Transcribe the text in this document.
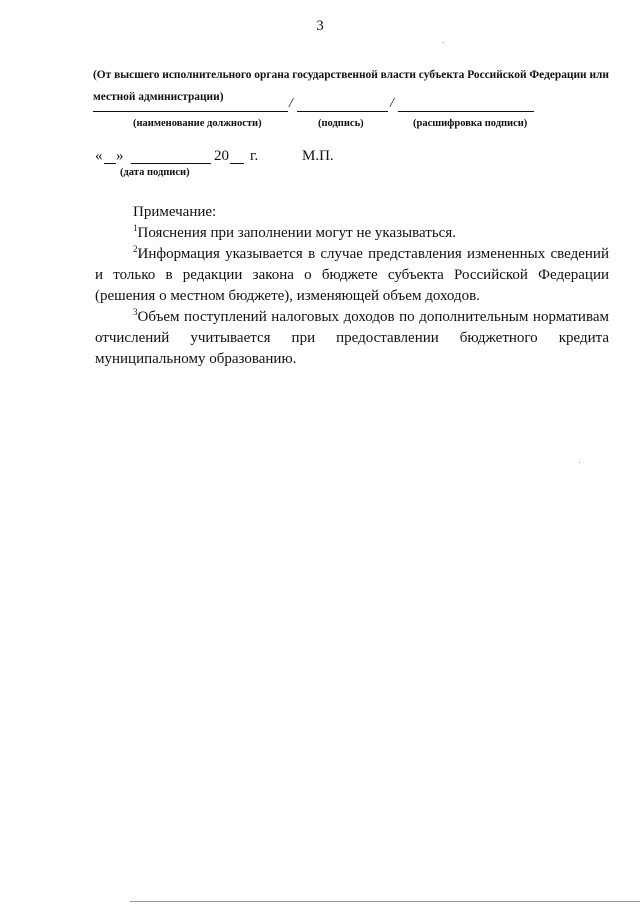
3
(От высшего исполнительного органа государственной власти субъекта Российской Федерации или местной администрации)	/	/
(наименование должности)	(подпись)	(расшифровка подписи)
« »	20 г.	М.П.
(дата подписи)

Примечание:

$^1$Пояснения при заполнении могут не указываться.

$^2$Информация указывается в случае представления измененных сведений и только в редакции закона о бюджете субъекта Российской Федерации (решения о местном бюджете), изменяющей объем доходов.

$^3$Объем поступлений налоговых доходов по дополнительным нормативам отчислений учитывается при предоставлении бюджетного кредита муниципальному образованию.
